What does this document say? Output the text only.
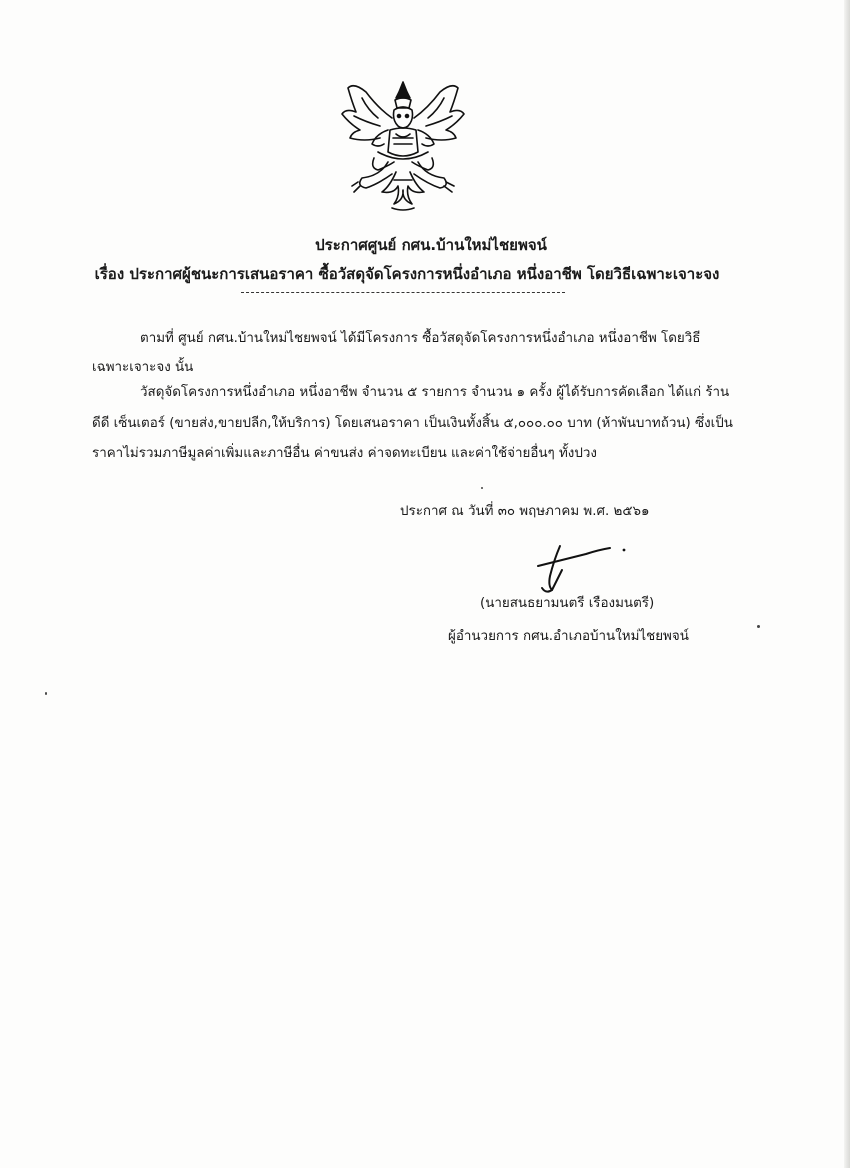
ประกาศศูนย์ กศน.บ้านใหม่ไชยพจน์
เรื่อง ประกาศผู้ชนะการเสนอราคา ซื้อวัสดุจัดโครงการหนึ่งอำเภอ หนึ่งอาชีพ โดยวิธีเฉพาะเจาะจง
ตามที่ ศูนย์ กศน.บ้านใหม่ไชยพจน์ ได้มีโครงการ ซื้อวัสดุจัดโครงการหนึ่งอำเภอ หนึ่งอาชีพ โดยวิธี
เฉพาะเจาะจง นั้น
วัสดุจัดโครงการหนึ่งอำเภอ หนึ่งอาชีพ จำนวน ๕ รายการ จำนวน ๑ ครั้ง ผู้ได้รับการคัดเลือก ได้แก่ ร้าน
ดีดี เซ็นเตอร์ (ขายส่ง,ขายปลีก,ให้บริการ) โดยเสนอราคา เป็นเงินทั้งสิ้น ๕,๐๐๐.๐๐ บาท (ห้าพันบาทถ้วน) ซึ่งเป็น
ราคาไม่รวมภาษีมูลค่าเพิ่มและภาษีอื่น ค่าขนส่ง ค่าจดทะเบียน และค่าใช้จ่ายอื่นๆ ทั้งปวง
ประกาศ ณ วันที่ ๓๐ พฤษภาคม พ.ศ. ๒๕๖๑
(นายสนธยามนตรี เรืองมนตรี)
ผู้อำนวยการ กศน.อำเภอบ้านใหม่ไชยพจน์
